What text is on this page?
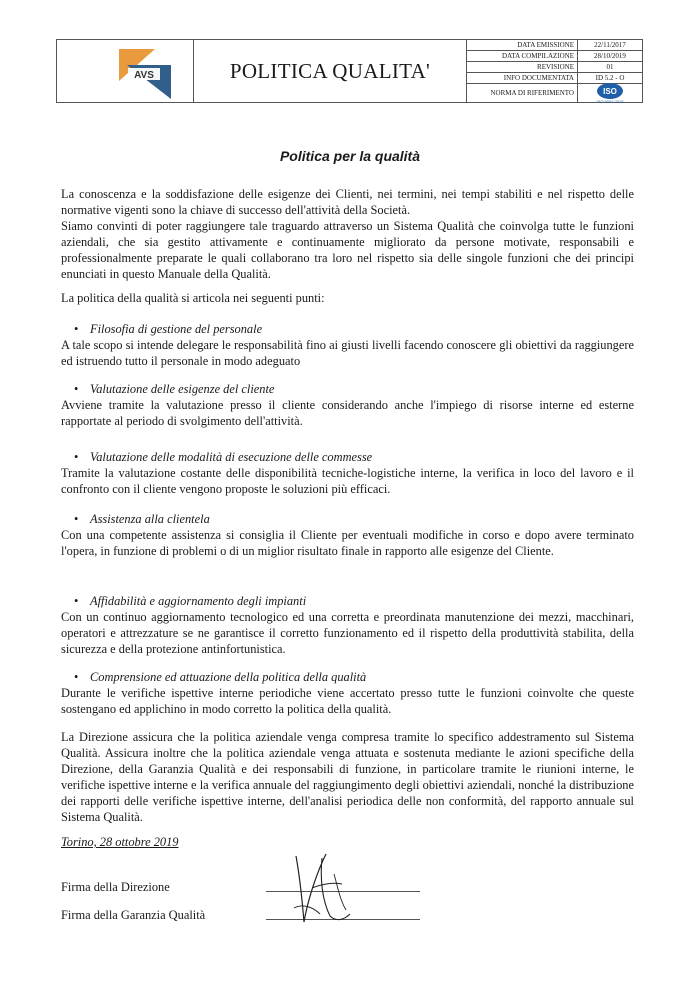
AVS	POLITICA QUALITA'
DATA EMISSIONE	22/11/2017
DATA COMPILAZIONE	28/10/2019
REVISIONE	01
INFO DOCUMENTATA	ID 5.2 - O
NORMA DI RIFERIMENTO	ISO
ISO 9001:2015
Politica per la qualità
La conoscenza e la soddisfazione delle esigenze dei Clienti, nei termini, nei tempi stabiliti e nel rispetto delle normative vigenti sono la chiave di successo dell'attività della Società.
Siamo convinti di poter raggiungere tale traguardo attraverso un Sistema Qualità che coinvolga tutte le funzioni aziendali, che sia gestito attivamente e continuamente migliorato da persone motivate, responsabili e professionalmente preparate le quali collaborano tra loro nel rispetto sia delle singole funzioni che dei principi enunciati in questo Manuale della Qualità.
La politica della qualità si articola nei seguenti punti:
• Filosofia di gestione del personale
A tale scopo si intende delegare le responsabilità fino ai giusti livelli facendo conoscere gli obiettivi da raggiungere ed istruendo tutto il personale in modo adeguato
• Valutazione delle esigenze del cliente
Avviene tramite la valutazione presso il cliente considerando anche l'impiego di risorse interne ed esterne rapportate al periodo di svolgimento dell'attività.
• Valutazione delle modalità di esecuzione delle commesse
Tramite la valutazione costante delle disponibilità tecniche-logistiche interne, la verifica in loco del lavoro e il confronto con il cliente vengono proposte le soluzioni più efficaci.
• Assistenza alla clientela
Con una competente assistenza si consiglia il Cliente per eventuali modifiche in corso e dopo avere terminato l'opera, in funzione di problemi o di un miglior risultato finale in rapporto alle esigenze del Cliente.
• Affidabilità e aggiornamento degli impianti
Con un continuo aggiornamento tecnologico ed una corretta e preordinata manutenzione dei mezzi, macchinari, operatori e attrezzature se ne garantisce il corretto funzionamento ed il rispetto della produttività stabilita, della sicurezza e della protezione antinfortunistica.
• Comprensione ed attuazione della politica della qualità
Durante le verifiche ispettive interne periodiche viene accertato presso tutte le funzioni coinvolte che queste sostengano ed applichino in modo corretto la politica della qualità.
La Direzione assicura che la politica aziendale venga compresa tramite lo specifico addestramento sul Sistema Qualità. Assicura inoltre che la politica aziendale venga attuata e sostenuta mediante le azioni specifiche della Direzione, della Garanzia Qualità e dei responsabili di funzione, in particolare tramite le riunioni interne, le verifiche ispettive interne e la verifica annuale del raggiungimento degli obiettivi aziendali, nonché la distribuzione dei rapporti delle verifiche ispettive interne, dell'analisi periodica delle non conformità, del rapporto annuale sul Sistema Qualità.
Torino, 28 ottobre 2019
Firma della Direzione
Firma della Garanzia Qualità
